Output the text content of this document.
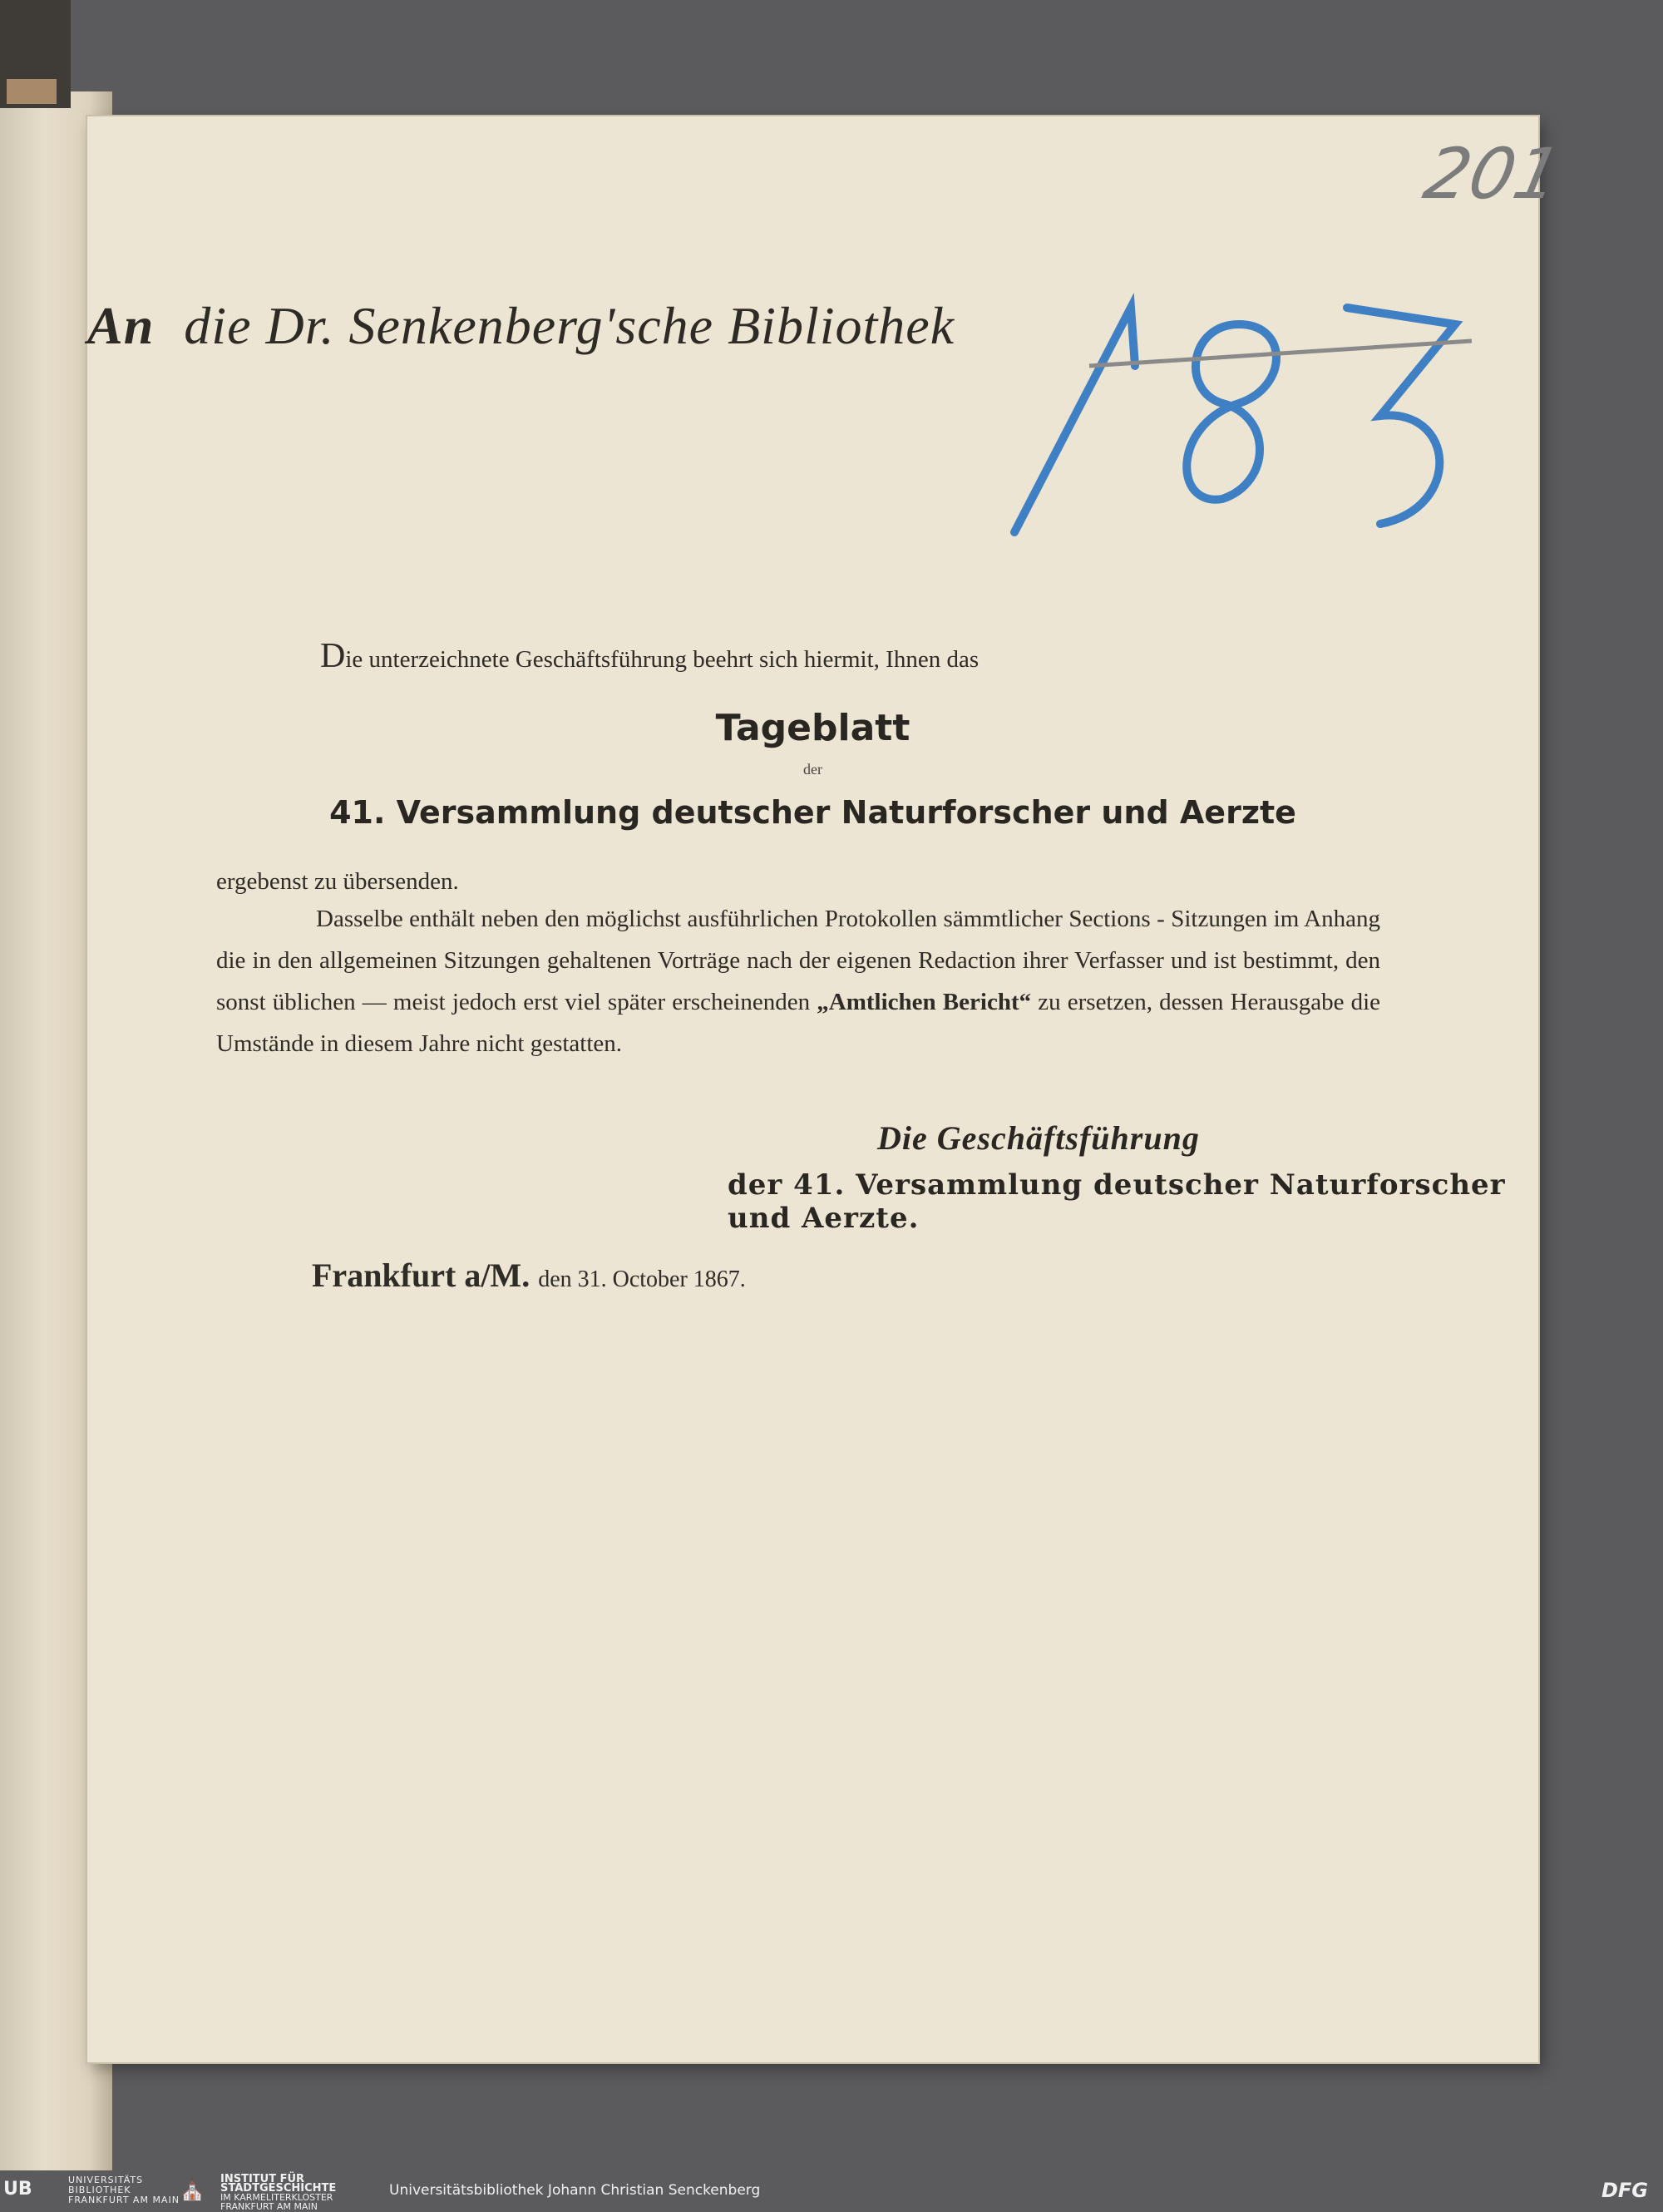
201
An die Dr. Senkenberg'sche Bibliothek
183
Die unterzeichnete Geschäftsführung beehrt sich hiermit, Ihnen das
Tageblatt
der
41. Versammlung deutscher Naturforscher und Aerzte
ergebenst zu übersenden.
Dasselbe enthält neben den möglichst ausführlichen Protokollen sämmtlicher Sections - Sitzungen im Anhang die in den allgemeinen Sitzungen gehaltenen Vorträge nach der eigenen Redaction ihrer Verfasser und ist bestimmt, den sonst üblichen — meist jedoch erst viel später erscheinenden „Amtlichen Bericht“ zu ersetzen, dessen Herausgabe die Umstände in diesem Jahre nicht gestatten.
Die Geschäftsführung
der 41. Versammlung deutscher Naturforscher und Aerzte.
Frankfurt a/M. den 31. October 1867.
UB	UNIVERSITÄTS
BIBLIOTHEK
FRANKFURT AM MAIN ⛪ INSTITUT FÜR
STADTGESCHICHTE
IM KARMELITERKLOSTER
FRANKFURT AM MAIN
Universitätsbibliothek Johann Christian Senckenberg	DFG
